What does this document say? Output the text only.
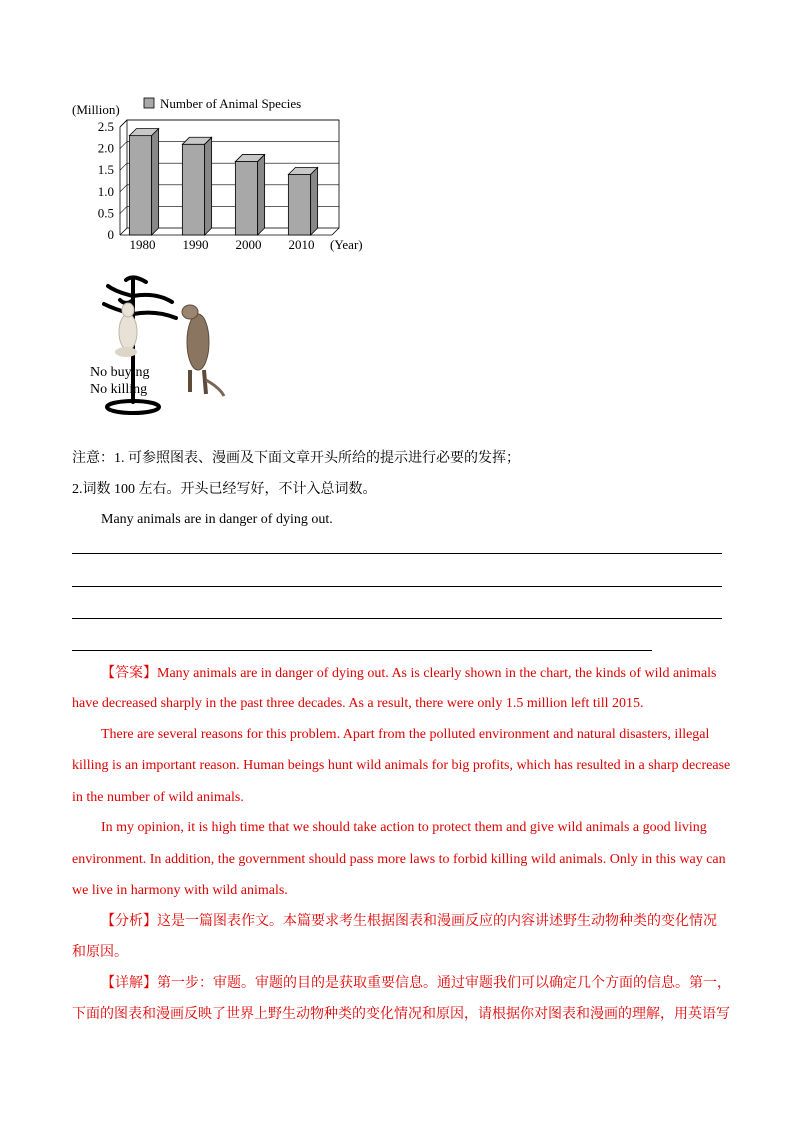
2.5
2.0
1.5
1.0
0.5
0
1980 1990 2000 2010
Number of Animal Species
(Million)
(Year)
No buying
No killing
注意：1. 可参照图表、漫画及下面文章开头所给的提示进行必要的发挥；
2.词数 100 左右。开头已经写好，不计入总词数。
Many animals are in danger of dying out.
【答案】Many animals are in danger of dying out. As is clearly shown in the chart, the kinds of wild animals
have decreased sharply in the past three decades. As a result, there were only 1.5 million left till 2015.
There are several reasons for this problem. Apart from the polluted environment and natural disasters, illegal
killing is an important reason. Human beings hunt wild animals for big profits, which has resulted in a sharp decrease
in the number of wild animals.
In my opinion, it is high time that we should take action to protect them and give wild animals a good living
environment. In addition, the government should pass more laws to forbid killing wild animals. Only in this way can
we live in harmony with wild animals.
【分析】这是一篇图表作文。本篇要求考生根据图表和漫画反应的内容讲述野生动物种类的变化情况
和原因。
【详解】第一步：审题。审题的目的是获取重要信息。通过审题我们可以确定几个方面的信息。第一，
下面的图表和漫画反映了世界上野生动物种类的变化情况和原因，请根据你对图表和漫画的理解，用英语写
